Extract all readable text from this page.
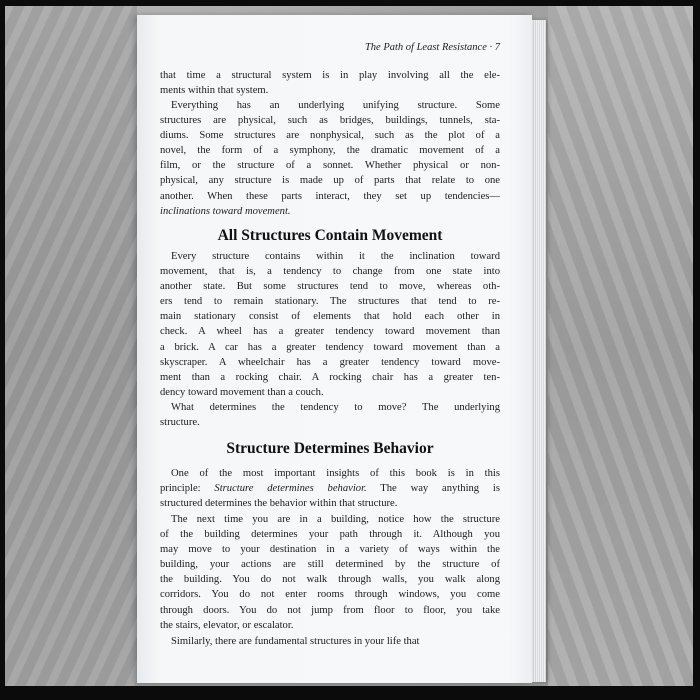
The Path of Least Resistance · 7
that time a structural system is in play involving all the ele-
ments within that system.
Everything has an underlying unifying structure. Some
structures are physical, such as bridges, buildings, tunnels, sta-
diums. Some structures are nonphysical, such as the plot of a
novel, the form of a symphony, the dramatic movement of a
film, or the structure of a sonnet. Whether physical or non-
physical, any structure is made up of parts that relate to one
another. When these parts interact, they set up tendencies—
inclinations toward movement.
All Structures Contain Movement
Every structure contains within it the inclination toward
movement, that is, a tendency to change from one state into
another state. But some structures tend to move, whereas oth-
ers tend to remain stationary. The structures that tend to re-
main stationary consist of elements that hold each other in
check. A wheel has a greater tendency toward movement than
a brick. A car has a greater tendency toward movement than a
skyscraper. A wheelchair has a greater tendency toward move-
ment than a rocking chair. A rocking chair has a greater ten-
dency toward movement than a couch.
What determines the tendency to move? The underlying
structure.
Structure Determines Behavior
One of the most important insights of this book is in this
principle: Structure determines behavior. The way anything is
structured determines the behavior within that structure.
The next time you are in a building, notice how the structure
of the building determines your path through it. Although you
may move to your destination in a variety of ways within the
building, your actions are still determined by the structure of
the building. You do not walk through walls, you walk along
corridors. You do not enter rooms through windows, you come
through doors. You do not jump from floor to floor, you take
the stairs, elevator, or escalator.
Similarly, there are fundamental structures in your life that
